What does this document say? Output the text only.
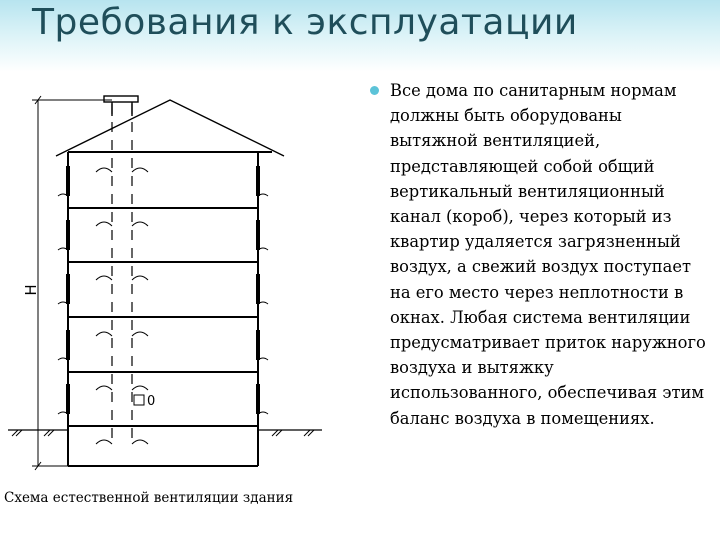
Требования к эксплуатации
Н
0

Все дома по санитарным нормам должны быть оборудованы вытяжной вентиляцией, представляющей собой общий вертикальный вентиляционный канал (короб), через который из квартир удаляется загрязненный воздух, а свежий воздух поступает на его место через неплотности в окнах. Любая система вентиляции предусматривает приток наружного воздуха и вытяжку использованного, обеспечивая этим баланс воздуха в помещениях.

Схема естественной вентиляции здания
